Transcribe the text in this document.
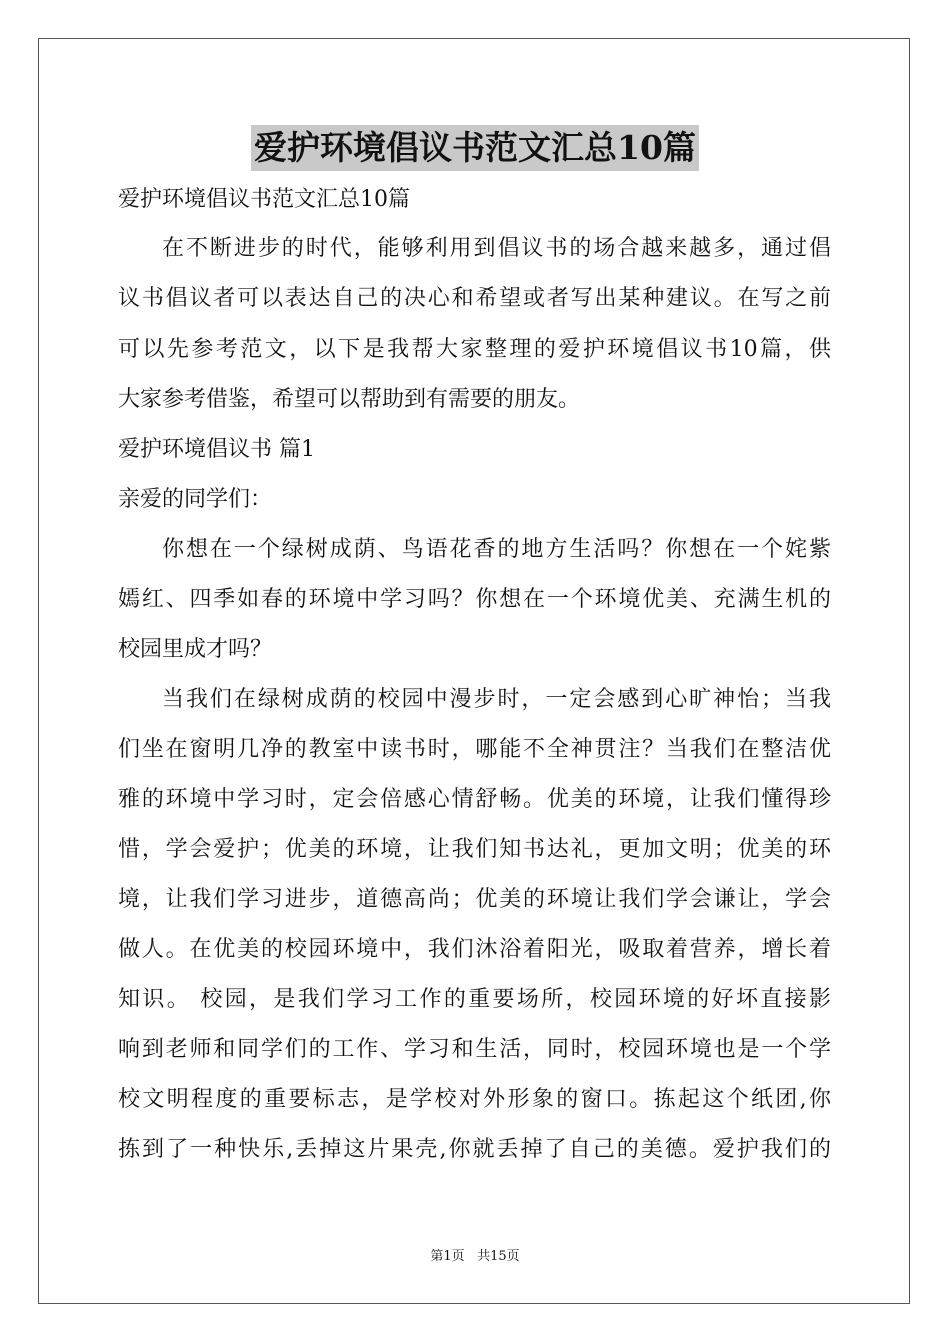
爱护环境倡议书范文汇总10篇
爱护环境倡议书范文汇总10篇
在不断进步的时代，能够利用到倡议书的场合越来越多，通过倡
议书倡议者可以表达自己的决心和希望或者写出某种建议。在写之前
可以先参考范文，以下是我帮大家整理的爱护环境倡议书10篇，供
大家参考借鉴，希望可以帮助到有需要的朋友。
爱护环境倡议书 篇1
亲爱的同学们：
你想在一个绿树成荫、鸟语花香的地方生活吗？你想在一个姹紫
嫣红、四季如春的环境中学习吗？你想在一个环境优美、充满生机的
校园里成才吗？
当我们在绿树成荫的校园中漫步时，一定会感到心旷神怡；当我
们坐在窗明几净的教室中读书时，哪能不全神贯注？当我们在整洁优
雅的环境中学习时，定会倍感心情舒畅。优美的环境，让我们懂得珍
惜，学会爱护；优美的环境，让我们知书达礼，更加文明；优美的环
境，让我们学习进步，道德高尚；优美的环境让我们学会谦让，学会
做人。在优美的校园环境中，我们沐浴着阳光，吸取着营养，增长着
知识。 校园，是我们学习工作的重要场所，校园环境的好坏直接影
响到老师和同学们的工作、学习和生活，同时，校园环境也是一个学
校文明程度的重要标志，是学校对外形象的窗口。拣起这个纸团,你
拣到了一种快乐,丢掉这片果壳,你就丢掉了自己的美德。爱护我们的
第1页 共15页
